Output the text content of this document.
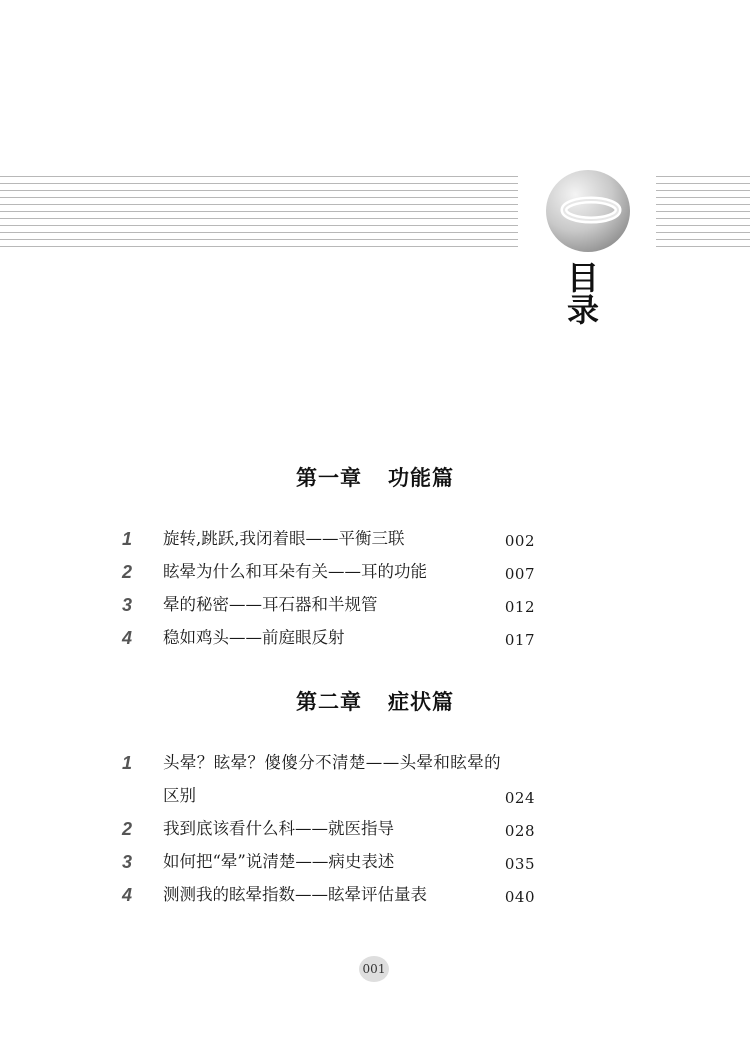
目
录
第一章 功能篇
1	旋转,跳跃,我闭着眼——平衡三联	002
2	眩晕为什么和耳朵有关——耳的功能	007
3	晕的秘密——耳石器和半规管	012
4	稳如鸡头——前庭眼反射	017
第二章 症状篇
1	头晕？眩晕？傻傻分不清楚——头晕和眩晕的
区别	024
2	我到底该看什么科——就医指导	028
3	如何把“晕”说清楚——病史表述	035
4	测测我的眩晕指数——眩晕评估量表	040
001
